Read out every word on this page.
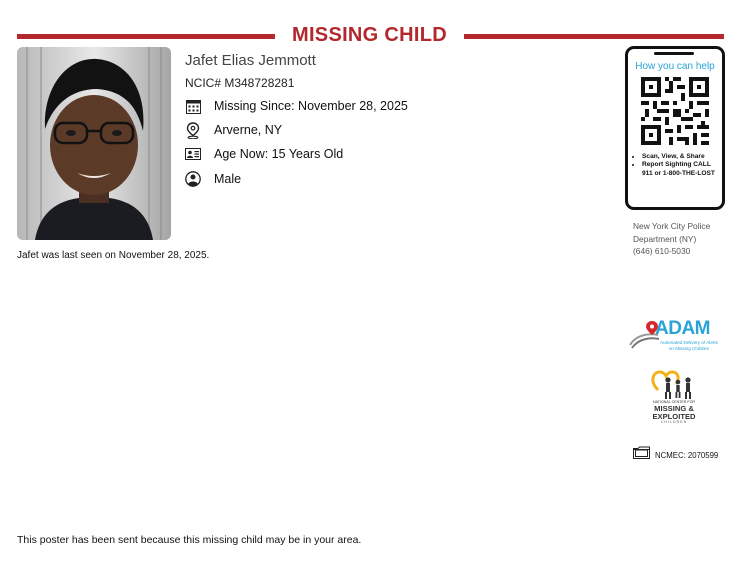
MISSING CHILD
Jafet Elias Jemmott
NCIC# M348728281
Missing Since: November 28, 2025
Arverne, NY
Age Now: 15 Years Old
Male
Jafet was last seen on November 28, 2025.
How you can help
• Scan, View, & Share
• Report Sighting CALL 911 or 1-800-THE-LOST
New York City Police
Department (NY)
(646) 610-5030
ADAM
Automated Delivery of Alerts
on Missing Children
NATIONAL CENTER FOR
MISSING &
EXPLOITED
CHILDREN
NCMEC: 2070599
This poster has been sent because this missing child may be in your area.
